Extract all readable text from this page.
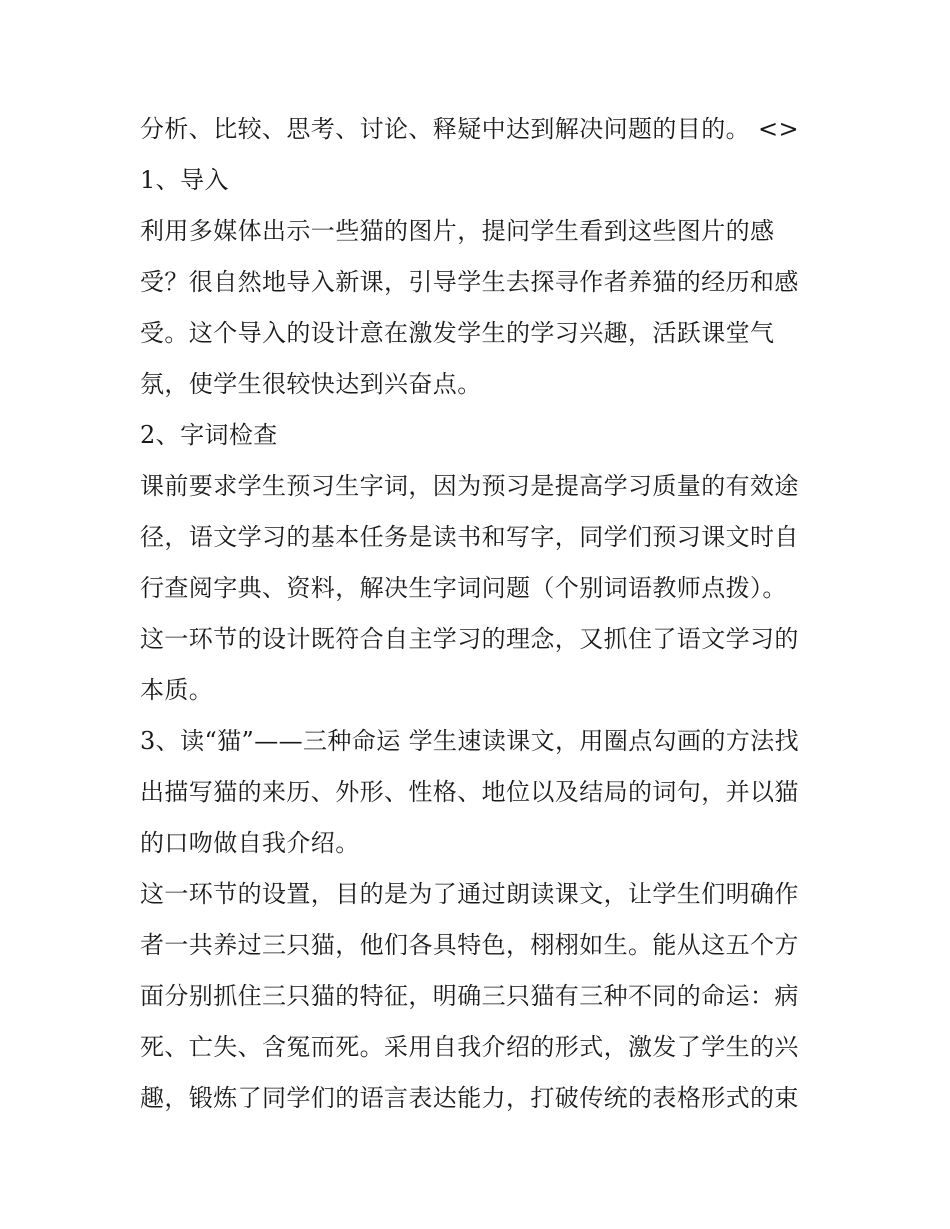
分析、比较、思考、讨论、释疑中达到解决问题的目的。 <>
1、导入
利用多媒体出示一些猫的图片，提问学生看到这些图片的感
受？很自然地导入新课，引导学生去探寻作者养猫的经历和感
受。这个导入的设计意在激发学生的学习兴趣，活跃课堂气
氛，使学生很较快达到兴奋点。
2、字词检查
课前要求学生预习生字词，因为预习是提高学习质量的有效途
径，语文学习的基本任务是读书和写字，同学们预习课文时自
行查阅字典、资料，解决生字词问题（个别词语教师点拨）。
这一环节的设计既符合自主学习的理念，又抓住了语文学习的
本质。
3、读“猫”——三种命运 学生速读课文，用圈点勾画的方法找
出描写猫的来历、外形、性格、地位以及结局的词句，并以猫
的口吻做自我介绍。
这一环节的设置，目的是为了通过朗读课文，让学生们明确作
者一共养过三只猫，他们各具特色，栩栩如生。能从这五个方
面分别抓住三只猫的特征，明确三只猫有三种不同的命运：病
死、亡失、含冤而死。采用自我介绍的形式，激发了学生的兴
趣，锻炼了同学们的语言表达能力，打破传统的表格形式的束
